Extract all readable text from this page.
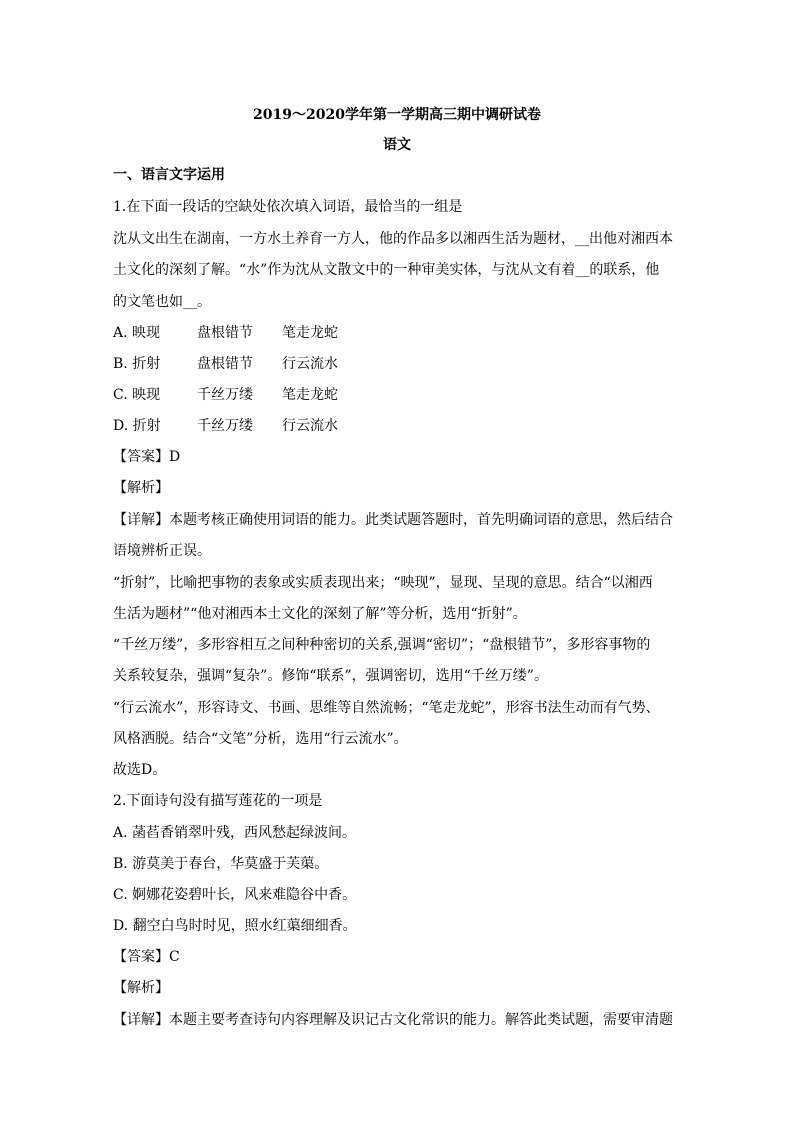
2019～2020学年第一学期高三期中调研试卷
语文
一、语言文字运用
1.在下面一段话的空缺处依次填入词语，最恰当的一组是
沈从文出生在湖南，一方水土养育一方人，他的作品多以湘西生活为题材，__出他对湘西本
土文化的深刻了解。“水”作为沈从文散文中的一种审美实体，与沈从文有着__的联系，他
的文笔也如__。
A. 映现	盘根错节 笔走龙蛇
B. 折射	盘根错节 行云流水
C. 映现	千丝万缕 笔走龙蛇
D. 折射	千丝万缕 行云流水
【答案】D
【解析】
【详解】本题考核正确使用词语的能力。此类试题答题时，首先明确词语的意思，然后结合
语境辨析正误。
“折射”，比喻把事物的表象或实质表现出来；“映现”，显现、呈现的意思。结合“以湘西
生活为题材”“他对湘西本土文化的深刻了解”等分析，选用“折射”。
“千丝万缕”，多形容相互之间种种密切的关系,强调“密切”；“盘根错节”，多形容事物的
关系较复杂，强调“复杂”。修饰“联系”，强调密切，选用“千丝万缕”。
“行云流水”，形容诗文、书画、思维等自然流畅；“笔走龙蛇”，形容书法生动而有气势、
风格洒脱。结合“文笔”分析，选用“行云流水”。
故选D。
2.下面诗句没有描写莲花的一项是
A. 菡萏香销翠叶残，西风愁起绿波间。
B. 游莫美于春台，华莫盛于芙蕖。
C. 婀娜花姿碧叶长，风来难隐谷中香。
D. 翻空白鸟时时见，照水红蕖细细香。
【答案】C
【解析】
【详解】本题主要考查诗句内容理解及识记古文化常识的能力。解答此类试题，需要审清题
